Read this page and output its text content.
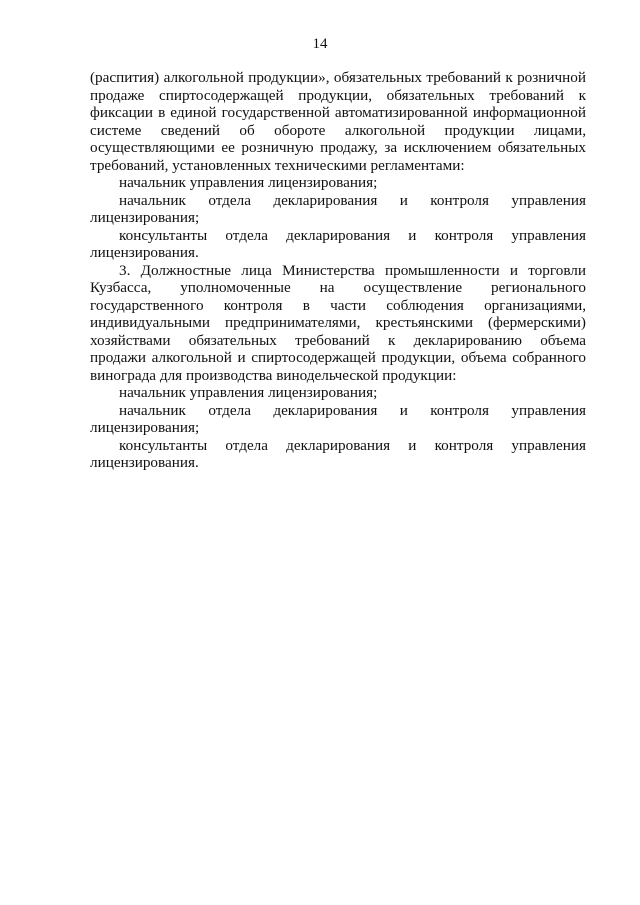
14
(распития) алкогольной продукции», обязательных требований к розничной
продаже спиртосодержащей продукции, обязательных требований к
фиксации в единой государственной автоматизированной информационной
системе сведений об обороте алкогольной продукции лицами,
осуществляющими ее розничную продажу, за исключением обязательных
требований, установленных техническими регламентами:
начальник управления лицензирования;
начальник отдела декларирования и контроля управления
лицензирования;
консультанты отдела декларирования и контроля управления
лицензирования.
3. Должностные лица Министерства промышленности и торговли
Кузбасса, уполномоченные на осуществление регионального
государственного контроля в части соблюдения организациями,
индивидуальными предпринимателями, крестьянскими (фермерскими)
хозяйствами обязательных требований к декларированию объема
продажи алкогольной и спиртосодержащей продукции, объема собранного
винограда для производства винодельческой продукции:
начальник управления лицензирования;
начальник отдела декларирования и контроля управления
лицензирования;
консультанты отдела декларирования и контроля управления
лицензирования.
